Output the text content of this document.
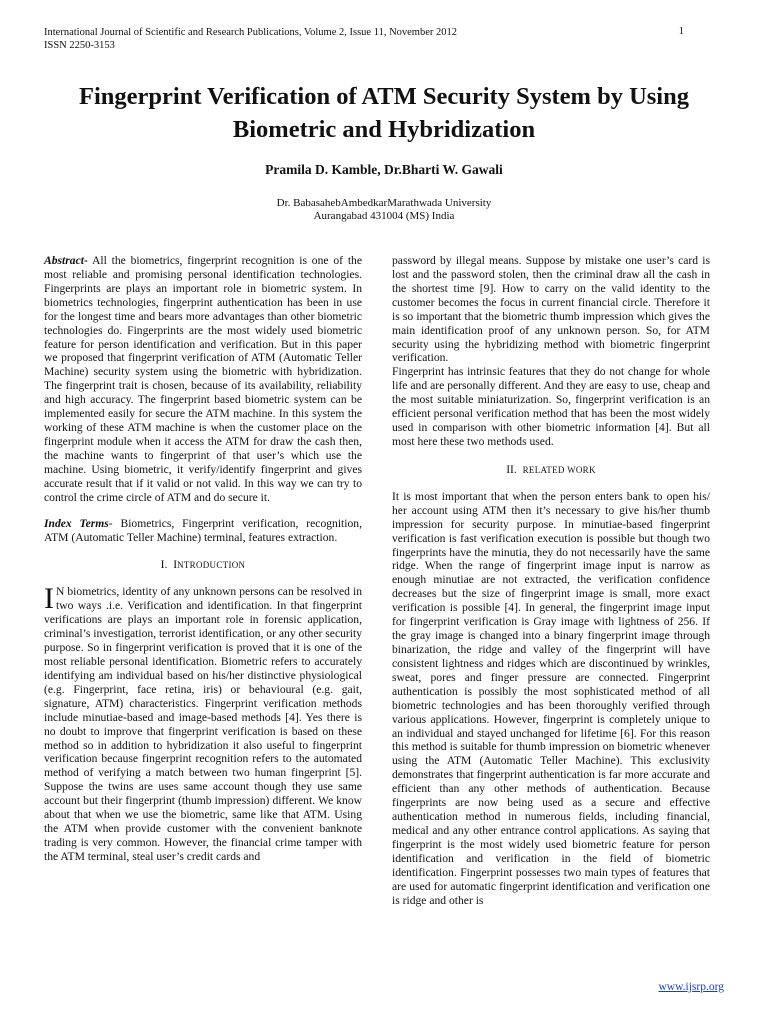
International Journal of Scientific and Research Publications, Volume 2, Issue 11, November 2012
ISSN 2250-3153
1
Fingerprint Verification of ATM Security System by Using Biometric and Hybridization
Pramila D. Kamble, Dr.Bharti W. Gawali
Dr. BabasahebAmbedkarMarathwada University
Aurangabad 431004 (MS) India

Abstract- All the biometrics, fingerprint recognition is one of the most reliable and promising personal identification technologies. Fingerprints are plays an important role in biometric system. In biometrics technologies, fingerprint authentication has been in use for the longest time and bears more advantages than other biometric technologies do. Fingerprints are the most widely used biometric feature for person identification and verification. But in this paper we proposed that fingerprint verification of ATM (Automatic Teller Machine) security system using the biometric with hybridization. The fingerprint trait is chosen, because of its availability, reliability and high accuracy. The fingerprint based biometric system can be implemented easily for secure the ATM machine. In this system the working of these ATM machine is when the customer place on the fingerprint module when it access the ATM for draw the cash then, the machine wants to fingerprint of that user’s which use the machine. Using biometric, it verify/identify fingerprint and gives accurate result that if it valid or not valid. In this way we can try to control the crime circle of ATM and do secure it.

Index Terms- Biometrics, Fingerprint verification, recognition, ATM (Automatic Teller Machine) terminal, features extraction.

I. INTRODUCTION

I N biometrics, identity of any unknown persons can be resolved in two ways .i.e. Verification and identification. In that fingerprint verifications are plays an important role in forensic application, criminal’s investigation, terrorist identification, or any other security purpose. So in fingerprint verification is proved that it is one of the most reliable personal identification. Biometric refers to accurately identifying am individual based on his/her distinctive physiological (e.g. Fingerprint, face retina, iris) or behavioural (e.g. gait, signature, ATM) characteristics. Fingerprint verification methods include minutiae-based and image-based methods [4]. Yes there is no doubt to improve that fingerprint verification is based on these method so in addition to hybridization it also useful to fingerprint verification because fingerprint recognition refers to the automated method of verifying a match between two human fingerprint [5]. Suppose the twins are uses same account though they use same account but their fingerprint (thumb impression) different. We know about that when we use the biometric, same like that ATM. Using the ATM when provide customer with the convenient banknote trading is very common. However, the financial crime tamper with the ATM terminal, steal user’s credit cards and

password by illegal means. Suppose by mistake one user’s card is lost and the password stolen, then the criminal draw all the cash in the shortest time [9]. How to carry on the valid identity to the customer becomes the focus in current financial circle. Therefore it is so important that the biometric thumb impression which gives the main identification proof of any unknown person. So, for ATM security using the hybridizing method with biometric fingerprint verification.

Fingerprint has intrinsic features that they do not change for whole life and are personally different. And they are easy to use, cheap and the most suitable miniaturization. So, fingerprint verification is an efficient personal verification method that has been the most widely used in comparison with other biometric information [4]. But all most here these two methods used.

II. RELATED WORK

It is most important that when the person enters bank to open his/ her account using ATM then it’s necessary to give his/her thumb impression for security purpose. In minutiae-based fingerprint verification is fast verification execution is possible but though two fingerprints have the minutia, they do not necessarily have the same ridge. When the range of fingerprint image input is narrow as enough minutiae are not extracted, the verification confidence decreases but the size of fingerprint image is small, more exact verification is possible [4]. In general, the fingerprint image input for fingerprint verification is Gray image with lightness of 256. If the gray image is changed into a binary fingerprint image through binarization, the ridge and valley of the fingerprint will have consistent lightness and ridges which are discontinued by wrinkles, sweat, pores and finger pressure are connected. Fingerprint authentication is possibly the most sophisticated method of all biometric technologies and has been thoroughly verified through various applications. However, fingerprint is completely unique to an individual and stayed unchanged for lifetime [6]. For this reason this method is suitable for thumb impression on biometric whenever using the ATM (Automatic Teller Machine). This exclusivity demonstrates that fingerprint authentication is far more accurate and efficient than any other methods of authentication. Because fingerprints are now being used as a secure and effective authentication method in numerous fields, including financial, medical and any other entrance control applications. As saying that fingerprint is the most widely used biometric feature for person identification and verification in the field of biometric identification. Fingerprint possesses two main types of features that are used for automatic fingerprint identification and verification one is ridge and other is

www.ijsrp.org
